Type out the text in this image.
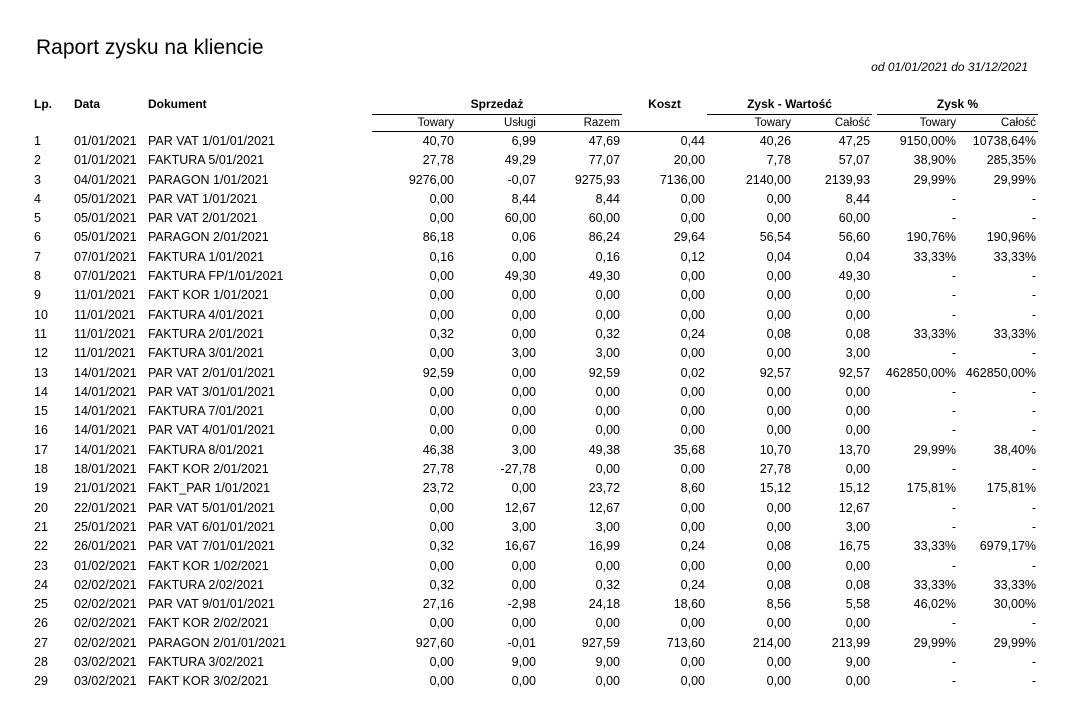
Raport zysku na kliencie
od 01/01/2021 do 31/12/2021
Lp.	Data	Dokument	Sprzedaż			Koszt	Zysk - Wartość			Zysk %	
			Towary	Usługi	Razem		Towary	Całość		Towary	Całość
1	01/01/2021	PAR VAT 1/01/01/2021	40,70	6,99	47,69	0,44	40,26	47,25		9150,00%	10738,64%
2	01/01/2021	FAKTURA 5/01/2021	27,78	49,29	77,07	20,00	7,78	57,07		38,90%	285,35%
3	04/01/2021	PARAGON 1/01/2021	9276,00	-0,07	9275,93	7136,00	2140,00	2139,93		29,99%	29,99%
4	05/01/2021	PAR VAT 1/01/2021	0,00	8,44	8,44	0,00	0,00	8,44		-	-
5	05/01/2021	PAR VAT 2/01/2021	0,00	60,00	60,00	0,00	0,00	60,00		-	-
6	05/01/2021	PARAGON 2/01/2021	86,18	0,06	86,24	29,64	56,54	56,60		190,76%	190,96%
7	07/01/2021	FAKTURA 1/01/2021	0,16	0,00	0,16	0,12	0,04	0,04		33,33%	33,33%
8	07/01/2021	FAKTURA FP/1/01/2021	0,00	49,30	49,30	0,00	0,00	49,30		-	-
9	11/01/2021	FAKT KOR 1/01/2021	0,00	0,00	0,00	0,00	0,00	0,00		-	-
10	11/01/2021	FAKTURA 4/01/2021	0,00	0,00	0,00	0,00	0,00	0,00		-	-
11	11/01/2021	FAKTURA 2/01/2021	0,32	0,00	0,32	0,24	0,08	0,08		33,33%	33,33%
12	11/01/2021	FAKTURA 3/01/2021	0,00	3,00	3,00	0,00	0,00	3,00		-	-
13	14/01/2021	PAR VAT 2/01/01/2021	92,59	0,00	92,59	0,02	92,57	92,57		462850,00%	462850,00%
14	14/01/2021	PAR VAT 3/01/01/2021	0,00	0,00	0,00	0,00	0,00	0,00		-	-
15	14/01/2021	FAKTURA 7/01/2021	0,00	0,00	0,00	0,00	0,00	0,00		-	-
16	14/01/2021	PAR VAT 4/01/01/2021	0,00	0,00	0,00	0,00	0,00	0,00		-	-
17	14/01/2021	FAKTURA 8/01/2021	46,38	3,00	49,38	35,68	10,70	13,70		29,99%	38,40%
18	18/01/2021	FAKT KOR 2/01/2021	27,78	-27,78	0,00	0,00	27,78	0,00		-	-
19	21/01/2021	FAKT_PAR 1/01/2021	23,72	0,00	23,72	8,60	15,12	15,12		175,81%	175,81%
20	22/01/2021	PAR VAT 5/01/01/2021	0,00	12,67	12,67	0,00	0,00	12,67		-	-
21	25/01/2021	PAR VAT 6/01/01/2021	0,00	3,00	3,00	0,00	0,00	3,00		-	-
22	26/01/2021	PAR VAT 7/01/01/2021	0,32	16,67	16,99	0,24	0,08	16,75		33,33%	6979,17%
23	01/02/2021	FAKT KOR 1/02/2021	0,00	0,00	0,00	0,00	0,00	0,00		-	-
24	02/02/2021	FAKTURA 2/02/2021	0,32	0,00	0,32	0,24	0,08	0,08		33,33%	33,33%
25	02/02/2021	PAR VAT 9/01/01/2021	27,16	-2,98	24,18	18,60	8,56	5,58		46,02%	30,00%
26	02/02/2021	FAKT KOR 2/02/2021	0,00	0,00	0,00	0,00	0,00	0,00		-	-
27	02/02/2021	PARAGON 2/01/01/2021	927,60	-0,01	927,59	713,60	214,00	213,99		29,99%	29,99%
28	03/02/2021	FAKTURA 3/02/2021	0,00	9,00	9,00	0,00	0,00	9,00		-	-
29	03/02/2021	FAKT KOR 3/02/2021	0,00	0,00	0,00	0,00	0,00	0,00		-	-
